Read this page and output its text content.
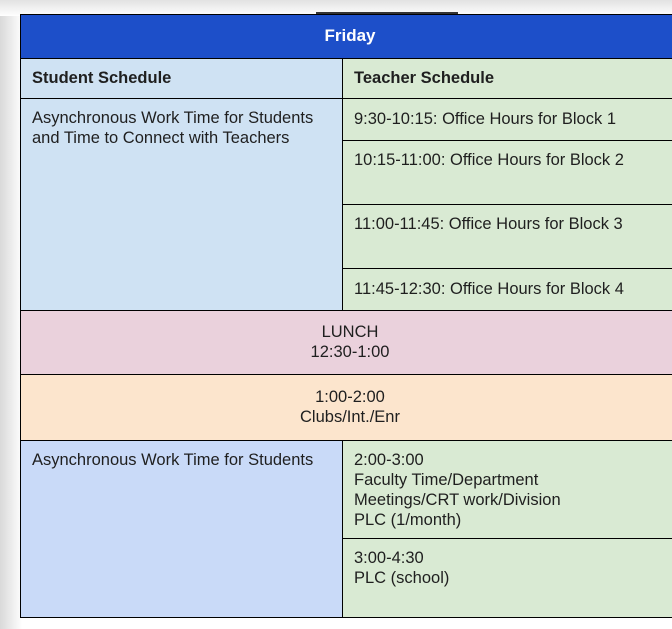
Friday
Student Schedule	Teacher Schedule
Asynchronous Work Time for Students and Time to Connect with Teachers
9:30-10:15: Office Hours for Block 1
10:15-11:00: Office Hours for Block 2
11:00-11:45: Office Hours for Block 3
11:45-12:30: Office Hours for Block 4
LUNCH
12:30-1:00
1:00-2:00
Clubs/Int./Enr
Asynchronous Work Time for Students	2:00-3:00
Faculty Time/Department Meetings/CRT work/Division PLC (1/month)
3:00-4:30
PLC (school)
